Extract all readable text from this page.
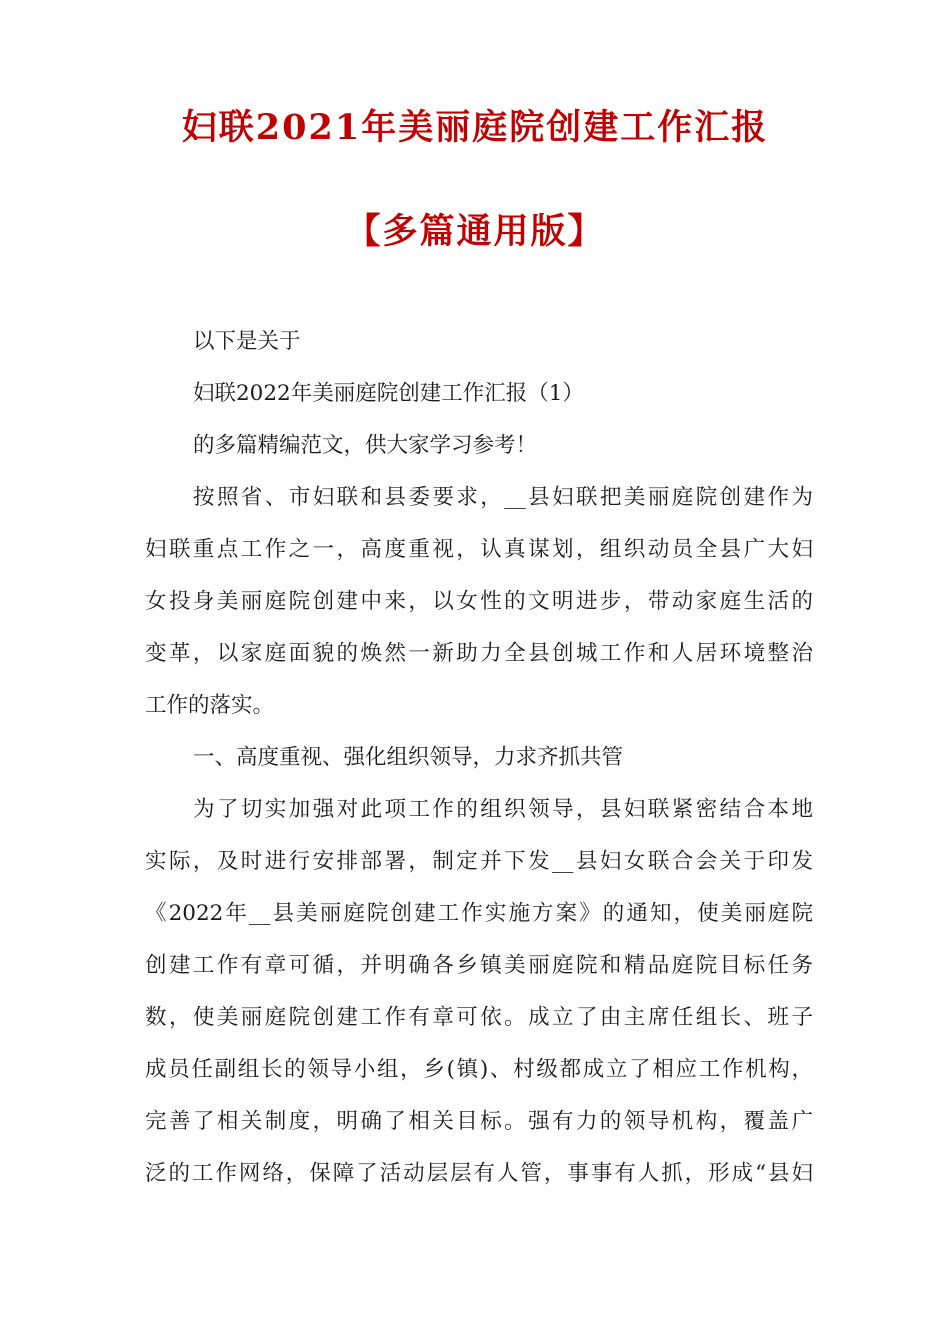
妇联2021年美丽庭院创建工作汇报
【多篇通用版】
以下是关于
妇联2022年美丽庭院创建工作汇报（1）
的多篇精编范文，供大家学习参考！
按照省、市妇联和县委要求，__县妇联把美丽庭院创建作为
妇联重点工作之一，高度重视，认真谋划，组织动员全县广大妇
女投身美丽庭院创建中来，以女性的文明进步，带动家庭生活的
变革，以家庭面貌的焕然一新助力全县创城工作和人居环境整治
工作的落实。
一、高度重视、强化组织领导，力求齐抓共管
为了切实加强对此项工作的组织领导，县妇联紧密结合本地
实际，及时进行安排部署，制定并下发__县妇女联合会关于印发
《2022年__县美丽庭院创建工作实施方案》的通知，使美丽庭院
创建工作有章可循，并明确各乡镇美丽庭院和精品庭院目标任务
数，使美丽庭院创建工作有章可依。成立了由主席任组长、班子
成员任副组长的领导小组，乡(镇)、村级都成立了相应工作机构，
完善了相关制度，明确了相关目标。强有力的领导机构，覆盖广
泛的工作网络，保障了活动层层有人管，事事有人抓，形成“县妇
